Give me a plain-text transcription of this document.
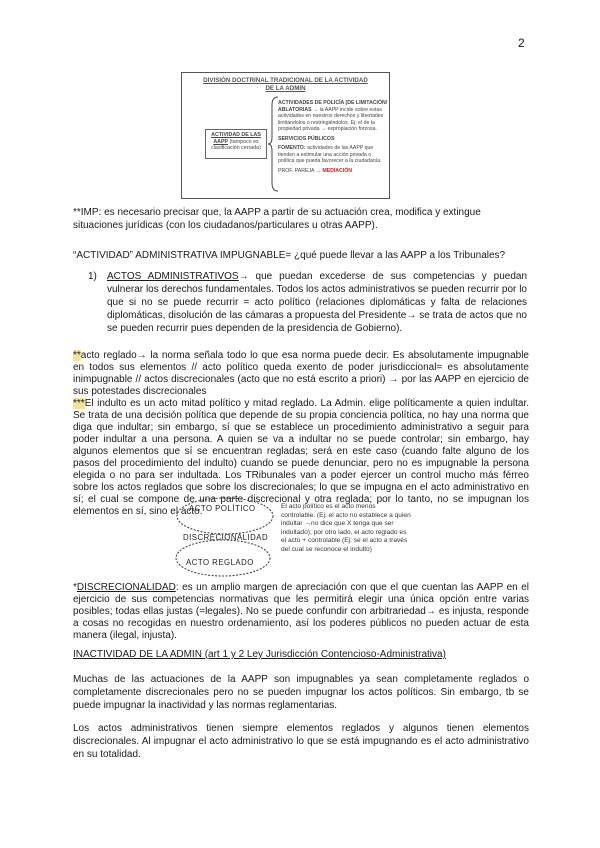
2
DIVISIÓN DOCTRINAL TRADICIONAL DE LA ACTIVIDAD
DE LA ADMIN
ACTIVIDAD DE LAS
AAPP (tampoco es
clasificación cerrada)

ACTIVIDADES DE POLICÍA (DE LIMITACIÓN/
ABLATORIAS → la AAPP incide sobre estas actividades en nuestros derechos y libertades limitándolos o restringiéndolos. Ej: el de la propiedad privada → expropiación forzosa.

SERVICIOS PÚBLICOS

FOMENTO: actividades de las AAPP que tienden a estimular una acción privada o política que pueda favorecer a la ciudadanía.

PROF. PAREJA → MEDIACIÓN

**IMP: es necesario precisar que, la AAPP a partir de su actuación crea, modifica y extingue situaciones jurídicas (con los ciudadanos/particulares u otras AAPP).
“ACTIVIDAD” ADMINISTRATIVA IMPUGNABLE= ¿qué puede llevar a las AAPP a los Tribunales?
1) ACTOS ADMINISTRATIVOS→ que puedan excederse de sus competencias y puedan vulnerar los derechos fundamentales. Todos los actos administrativos se pueden recurrir por lo que si no se puede recurrir = acto político (relaciones diplomáticas y falta de relaciones diplomáticas, disolución de las cámaras a propuesta del Presidente→ se trata de actos que no se pueden recurrir pues dependen de la presidencia de Gobierno).
**acto reglado→ la norma señala todo lo que esa norma puede decir. Es absolutamente impugnable en todos sus elementos // acto político queda exento de poder jurisdiccional= es absolutamente inimpugnable // actos discrecionales (acto que no está escrito a priori) → por las AAPP en ejercicio de sus potestades discrecionales
***El indulto es un acto mitad político y mitad reglado. La Admin. elige políticamente a quien indultar. Se trata de una decisión política que depende de su propia conciencia política, no hay una norma que diga que indultar; sin embargo, sí que se establece un procedimiento administrativo a seguir para poder indultar a una persona. A quien se va a indultar no se puede controlar; sin embargo, hay algunos elementos que sí se encuentran regladas; será en este caso (cuando falte alguno de los pasos del procedimiento del indulto) cuando se puede denunciar, pero no es impugnable la persona elegida o no para ser indultada. Los TRibunales van a poder ejercer un control mucho más férreo sobre los actos reglados que sobre los discrecionales; lo que se impugna en el acto administrativo en sí; el cual se compone de una parte discrecional y otra reglada; por lo tanto, no se impugnan los elementos en sí, sino el acto.
ACTO POLÍTICO
DISCRECIONALIDAD
ACTO REGLADO
El acto político es el acto menos controlable. (Ej: el acto no establece a quien indultar →no dice que X tenga que ser indultado); por otro lado, el acto reglado es el acto + controlable (Ej: se el acto a través del cual se reconoce el indulto)
*DISCRECIONALIDAD: es un amplio margen de apreciación con que el que cuentan las AAPP en el ejercicio de sus competencias normativas que les permitirá elegir una única opción entre varias posibles; todas ellas justas (=legales). No se puede confundir con arbitrariedad→ es injusta, responde a cosas no recogidas en nuestro ordenamiento, así los poderes públicos no pueden actuar de esta manera (ilegal, injusta).
INACTIVIDAD DE LA ADMIN (art 1 y 2 Ley Jurisdicción Contencioso-Administrativa)
Muchas de las actuaciones de la AAPP son impugnables ya sean completamente reglados o completamente discrecionales pero no se pueden impugnar los actos políticos. Sin embargo, tb se puede impugnar la inactividad y las normas reglamentarias.
Los actos administrativos tienen siempre elementos reglados y algunos tienen elementos discrecionales. Al impugnar el acto administrativo lo que se está impugnando es el acto administrativo en su totalidad.
